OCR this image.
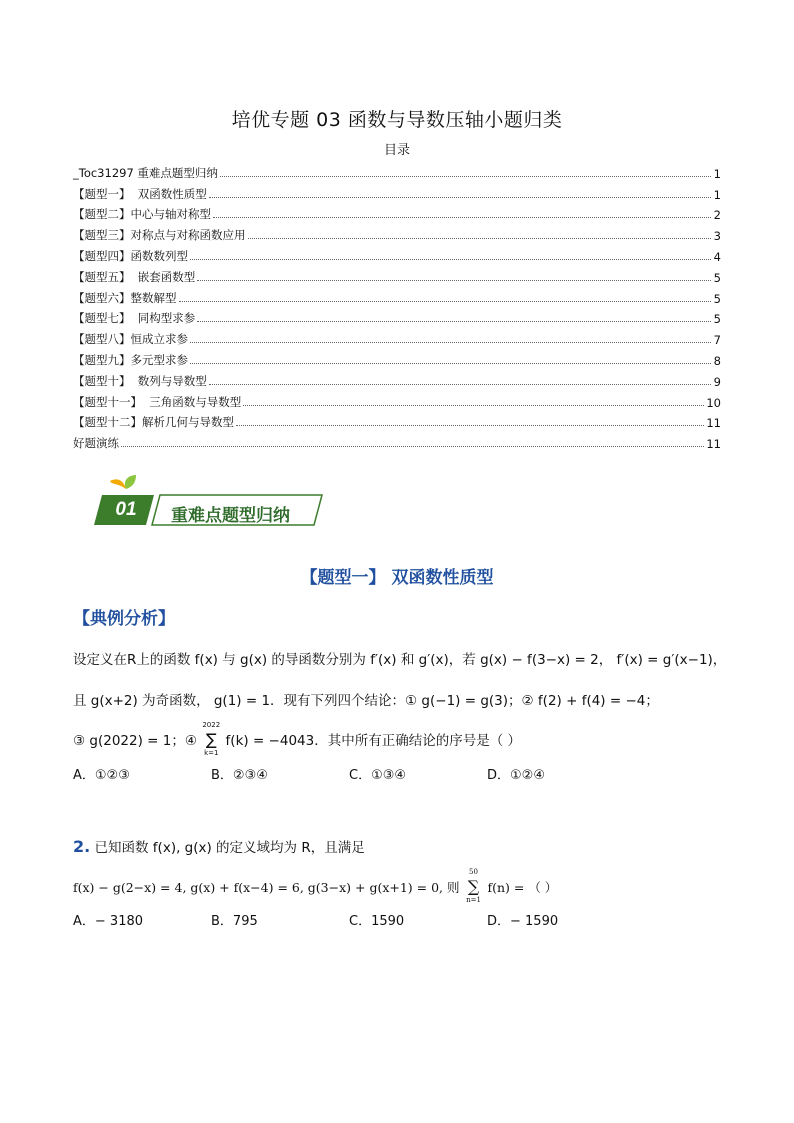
培优专题 03 函数与导数压轴小题归类
目录
_Toc31297 重难点题型归纳	1
【题型一】  双函数性质型	1
【题型二】中心与轴对称型	2
【题型三】对称点与对称函数应用	3
【题型四】函数数列型	4
【题型五】  嵌套函数型	5
【题型六】整数解型	5
【题型七】  同构型求参	5
【题型八】恒成立求参	7
【题型九】多元型求参	8
【题型十】  数列与导数型	9
【题型十一】  三角函数与导数型	10
【题型十二】解析几何与导数型	11
好题演练	11
01	重难点题型归纳
【题型一】 双函数性质型
【典例分析】
设定义在R上的函数 f(x) 与 g(x) 的导函数分别为 f′(x) 和 g′(x)，若 g(x) − f(3−x) = 2， f′(x) = g′(x−1)，
且 g(x+2) 为奇函数， g(1) = 1．现有下列四个结论：① g(−1) = g(3)；② f(2) + f(4) = −4；
③ g(2022) = 1；④
2022
∑
k=1
f(k) = −4043．其中所有正确结论的序号是（ ）
A．①②③	B．②③④	C．①③④	D．①②④
2. 已知函数 f(x), g(x) 的定义域均为 R，且满足
f(x) − g(2−x) = 4, g(x) + f(x−4) = 6, g(3−x) + g(x+1) = 0, 则
50
∑
n=1
f(n) = （ ）
A．− 3180	B．795	C．1590	D．− 1590
